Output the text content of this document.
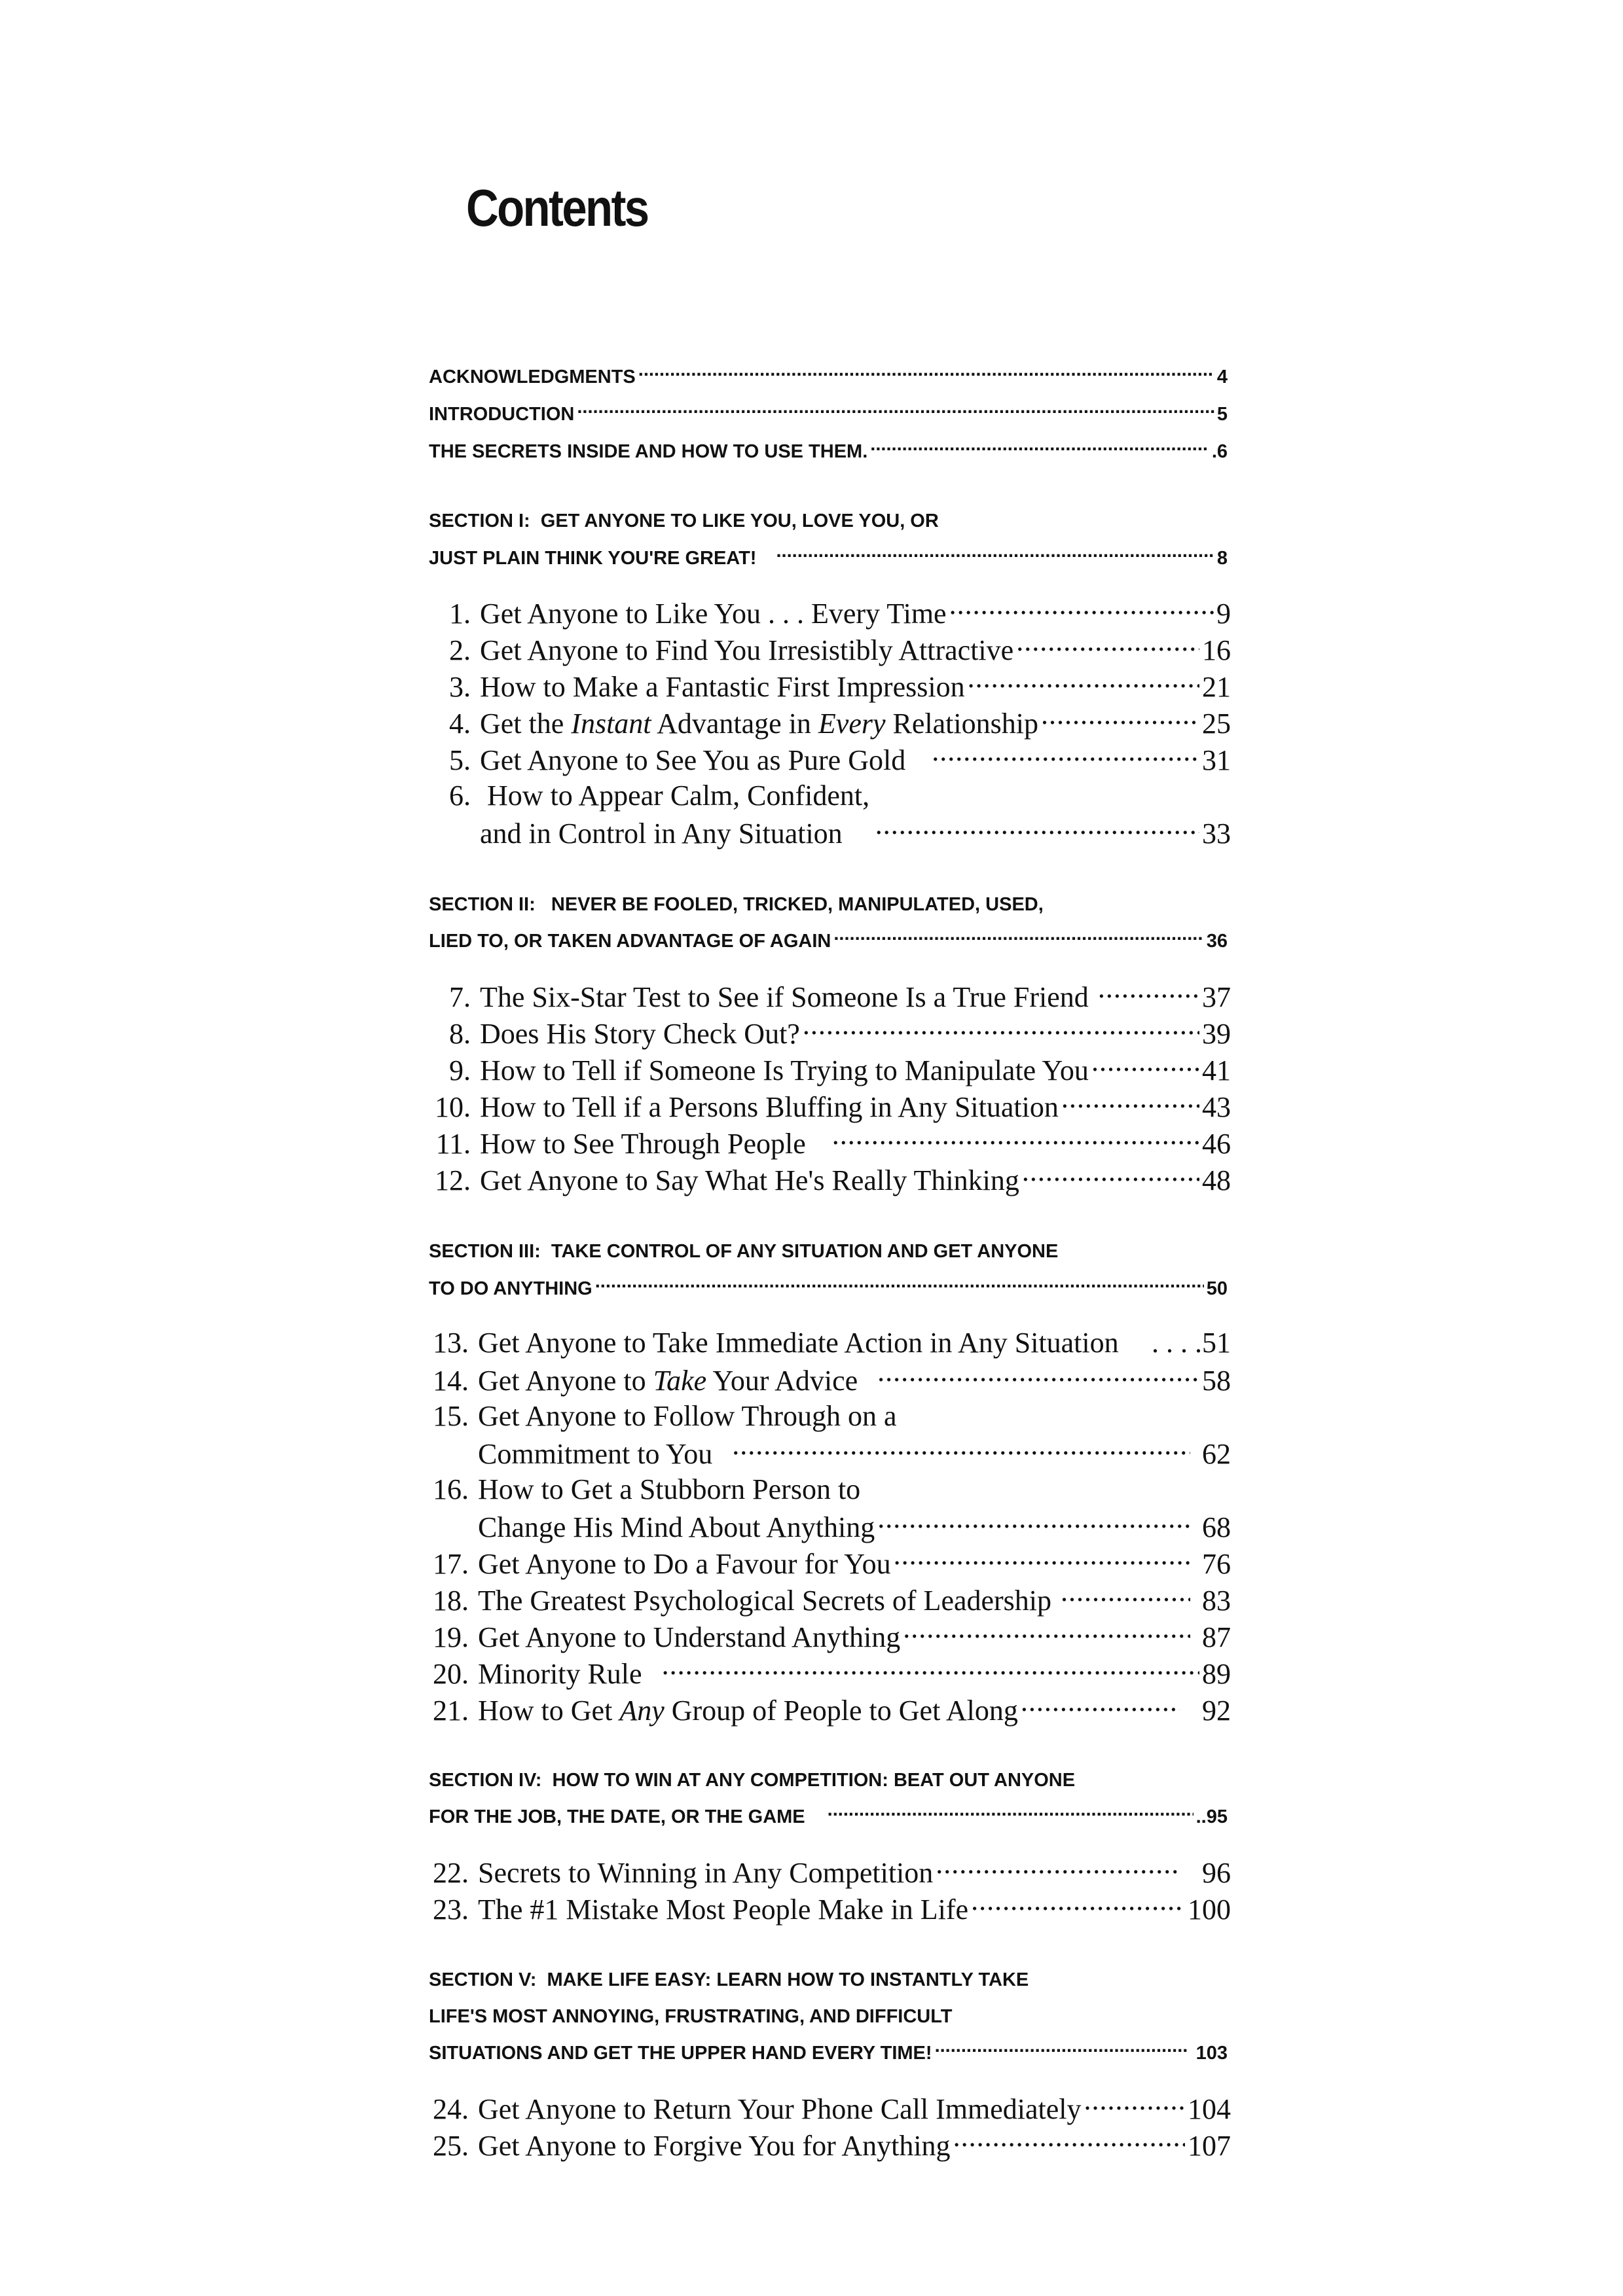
Contents
ACKNOWLEDGMENTS .....	4
INTRODUCTION .....	5
THE SECRETS INSIDE AND HOW TO USE THEM. .....	.6
SECTION I:  GET ANYONE TO LIKE YOU, LOVE YOU, OR
JUST PLAIN THINK YOU'RE GREAT! .....	8
1. Get Anyone to Like You . . . Every Time .....	9
2. Get Anyone to Find You Irresistibly Attractive .....	16
3. How to Make a Fantastic First Impression .....	21
4. Get the Instant Advantage in Every Relationship .....	25
5. Get Anyone to See You as Pure Gold .....	31
6. How to Appear Calm, Confident,
and in Control in Any Situation .....	33
SECTION II:   NEVER BE FOOLED, TRICKED, MANIPULATED, USED,
LIED TO, OR TAKEN ADVANTAGE OF AGAIN .....	36
7. The Six-Star Test to See if Someone Is a True Friend .....	37
8. Does His Story Check Out? .....	39
9. How to Tell if Someone Is Trying to Manipulate You .....	41
10. How to Tell if a Persons Bluffing in Any Situation .....	43
11. How to See Through People .....	46
12. Get Anyone to Say What He's Really Thinking .....	48
SECTION III:  TAKE CONTROL OF ANY SITUATION AND GET ANYONE
TO DO ANYTHING .....	50
13. Get Anyone to Take Immediate Action in Any Situation . . . .51
14. Get Anyone to Take Your Advice .....	58
15. Get Anyone to Follow Through on a
Commitment to You .....	62
16. How to Get a Stubborn Person to
Change His Mind About Anything .....	68
17. Get Anyone to Do a Favour for You .....	76
18. The Greatest Psychological Secrets of Leadership .....	83
19. Get Anyone to Understand Anything .....	87
20. Minority Rule .....	89
21. How to Get Any Group of People to Get Along .....	92
SECTION IV:  HOW TO WIN AT ANY COMPETITION: BEAT OUT ANYONE
FOR THE JOB, THE DATE, OR THE GAME .....	..95
22. Secrets to Winning in Any Competition .....	96
23. The #1 Mistake Most People Make in Life .....	100
SECTION V:  MAKE LIFE EASY: LEARN HOW TO INSTANTLY TAKE
LIFE'S MOST ANNOYING, FRUSTRATING, AND DIFFICULT
SITUATIONS AND GET THE UPPER HAND EVERY TIME! .....	103
24. Get Anyone to Return Your Phone Call Immediately .....	104
25. Get Anyone to Forgive You for Anything .....	107
